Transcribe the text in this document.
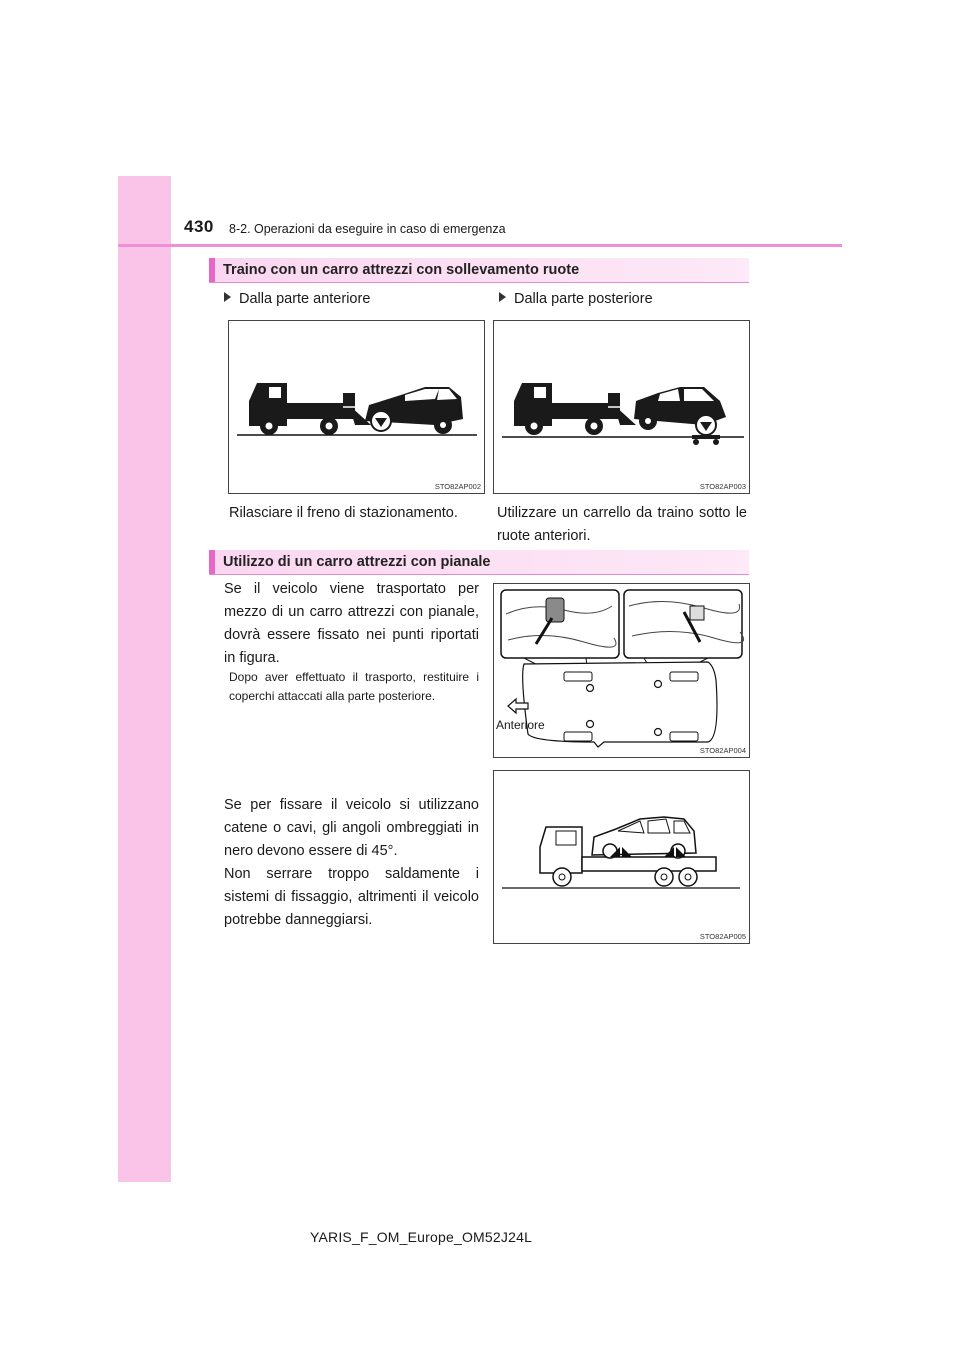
430 8-2. Operazioni da eseguire in caso di emergenza
Traino con un carro attrezzi con sollevamento ruote
Dalla parte anteriore	Dalla parte posteriore
STO82AP002	STO82AP003
Rilasciare il freno di stazionamento.	Utilizzare un carrello da traino sotto le ruote anteriori.
Utilizzo di un carro attrezzi con pianale
Se il veicolo viene trasportato per mezzo di un carro attrezzi con pianale, dovrà essere fissato nei punti riportati in figura.
Dopo aver effettuato il trasporto, restituire i coperchi attaccati alla parte posteriore.
Se per fissare il veicolo si utilizzano catene o cavi, gli angoli ombreggiati in nero devono essere di 45°.
Non serrare troppo saldamente i sistemi di fissaggio, altrimenti il veicolo potrebbe danneggiarsi.
Anteriore
STO82AP004
STO82AP005
YARIS_F_OM_Europe_OM52J24L
